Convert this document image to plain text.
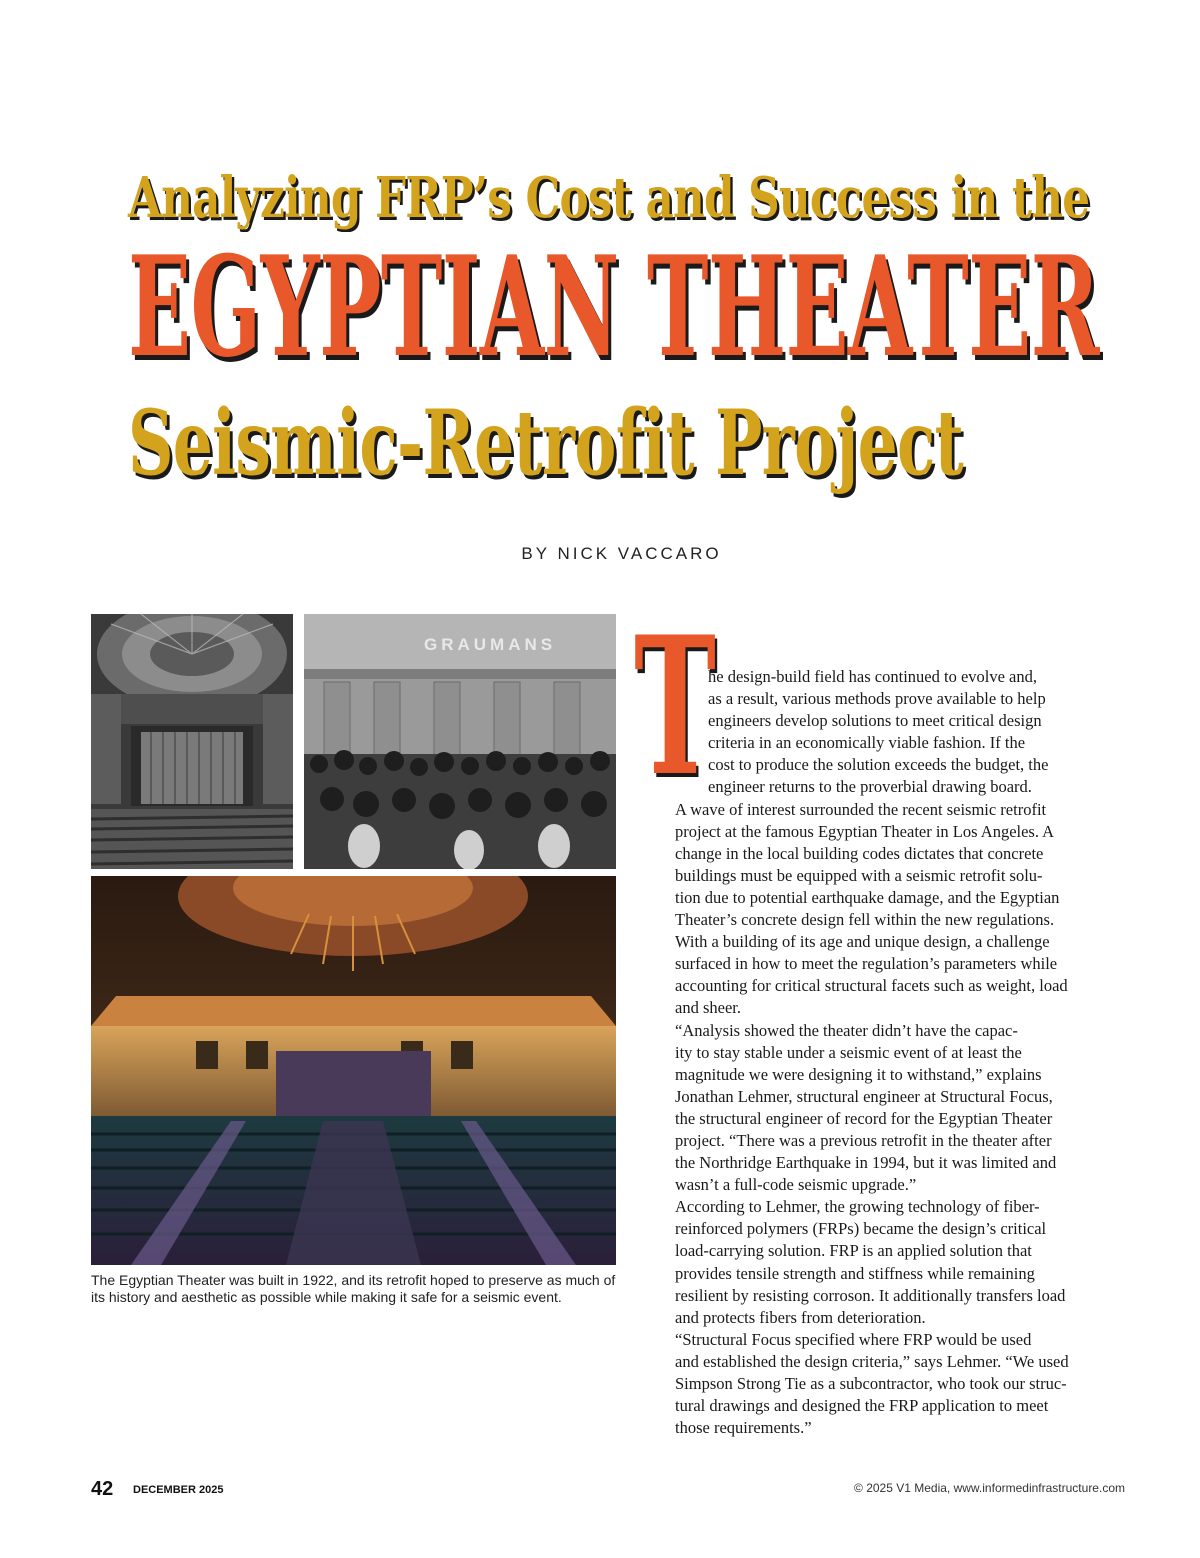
Analyzing FRP’s Cost and Success in the
EGYPTIAN THEATER
Seismic-Retrofit Project
BY NICK VACCARO
GRAUMANS

The Egyptian Theater was built in 1922, and its retrofit hoped to preserve as much of its history and aesthetic as possible while making it safe for a seismic event.

T

he design-build field has continued to evolve and,
as a result, various methods prove available to help
engineers develop solutions to meet critical design
criteria in an economically viable fashion. If the
cost to produce the solution exceeds the budget, the
engineer returns to the proverbial drawing board.

A wave of interest surrounded the recent seismic retrofit
project at the famous Egyptian Theater in Los Angeles. A
change in the local building codes dictates that concrete
buildings must be equipped with a seismic retrofit solu-
tion due to potential earthquake damage, and the Egyptian
Theater’s concrete design fell within the new regulations.
With a building of its age and unique design, a challenge
surfaced in how to meet the regulation’s parameters while
accounting for critical structural facets such as weight, load
and sheer.

“Analysis showed the theater didn’t have the capac-
ity to stay stable under a seismic event of at least the
magnitude we were designing it to withstand,” explains
Jonathan Lehmer, structural engineer at Structural Focus,
the structural engineer of record for the Egyptian Theater
project. “There was a previous retrofit in the theater after
the Northridge Earthquake in 1994, but it was limited and
wasn’t a full-code seismic upgrade.”

According to Lehmer, the growing technology of fiber-
reinforced polymers (FRPs) became the design’s critical
load-carrying solution. FRP is an applied solution that
provides tensile strength and stiffness while remaining
resilient by resisting corroson. It additionally transfers load
and protects fibers from deterioration.

“Structural Focus specified where FRP would be used
and established the design criteria,” says Lehmer. “We used
Simpson Strong Tie as a subcontractor, who took our struc-
tural drawings and designed the FRP application to meet
those requirements.”

42 DECEMBER 2025	© 2025 V1 Media, www.informedinfrastructure.com
